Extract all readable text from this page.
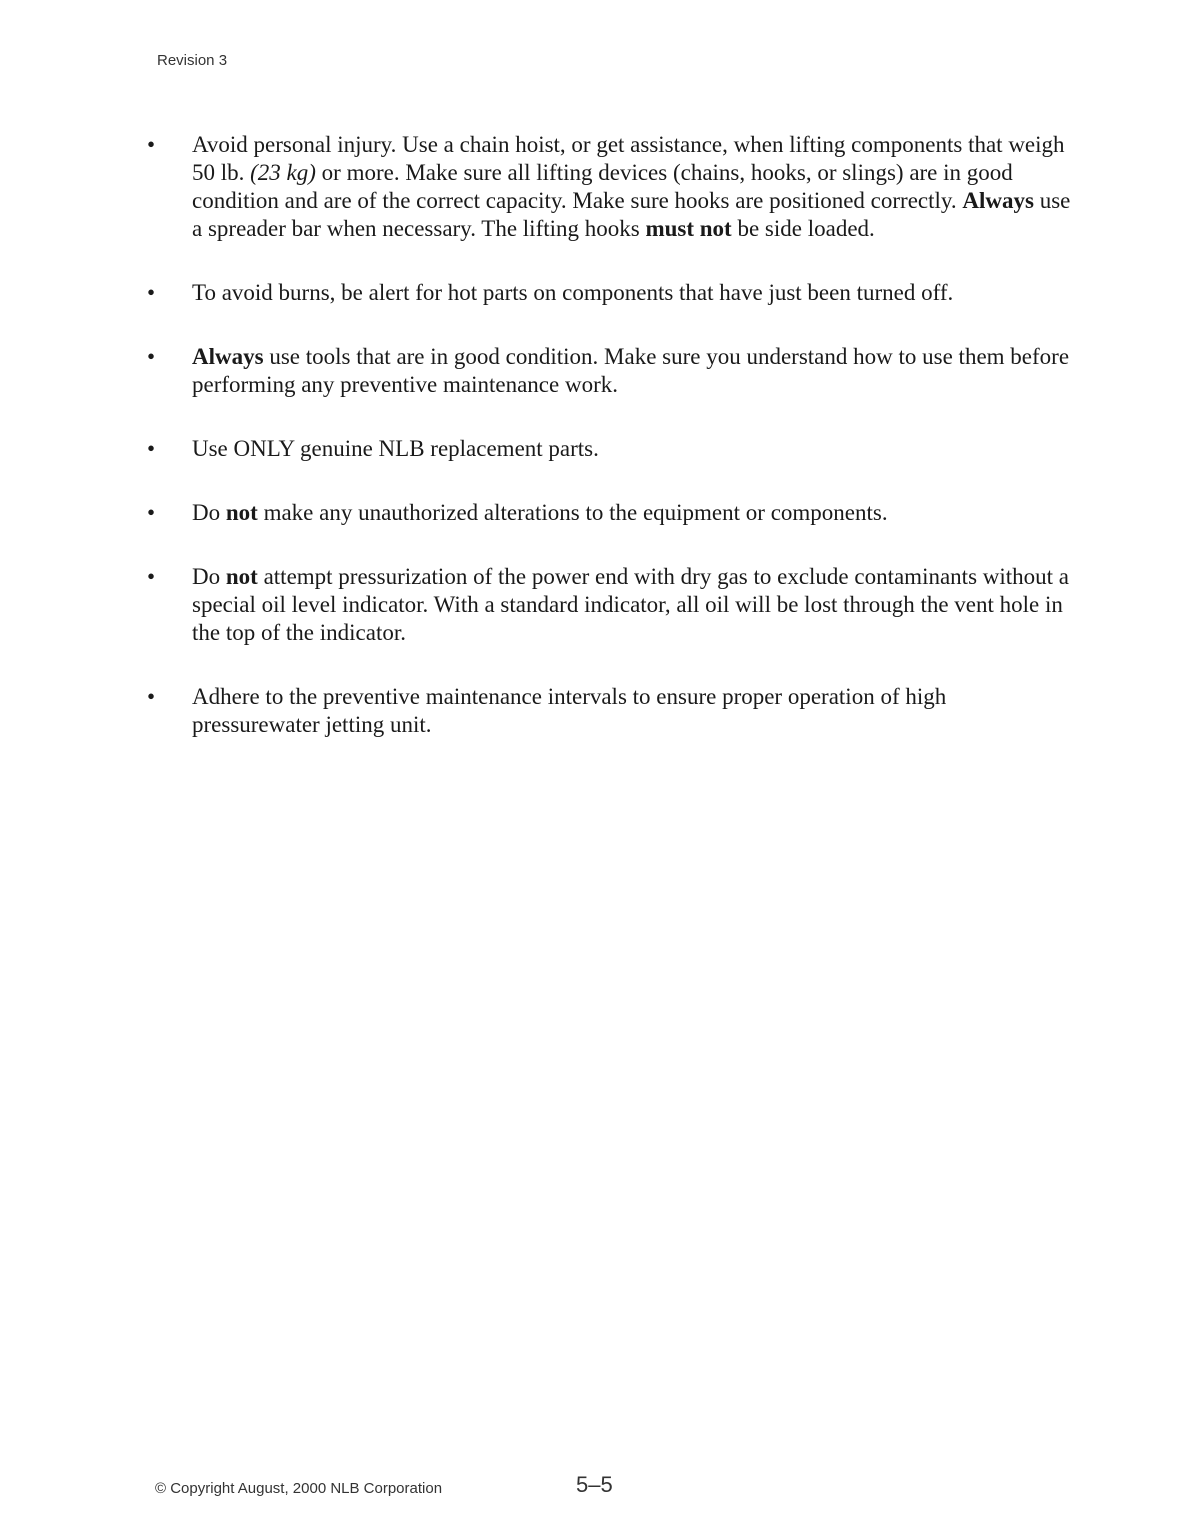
Revision 3
•	Avoid personal injury. Use a chain hoist, or get assistance, when lifting components that weigh 50 lb. (23 kg) or more. Make sure all lifting devices (chains, hooks, or slings) are in good condition and are of the correct capacity. Make sure hooks are positioned correctly. Always use a spreader bar when necessary. The lifting hooks must not be side loaded.
•	To avoid burns, be alert for hot parts on components that have just been turned off.
•	Always use tools that are in good condition. Make sure you understand how to use them before performing any preventive maintenance work.
•	Use ONLY genuine NLB replacement parts.
•	Do not make any unauthorized alterations to the equipment or components.
•	Do not attempt pressurization of the power end with dry gas to exclude contaminants without a special oil level indicator. With a standard indicator, all oil will be lost through the vent hole in the top of the indicator.
•	Adhere to the preventive maintenance intervals to ensure proper operation of high pressurewater jetting unit.
© Copyright August, 2000 NLB Corporation	5–5
